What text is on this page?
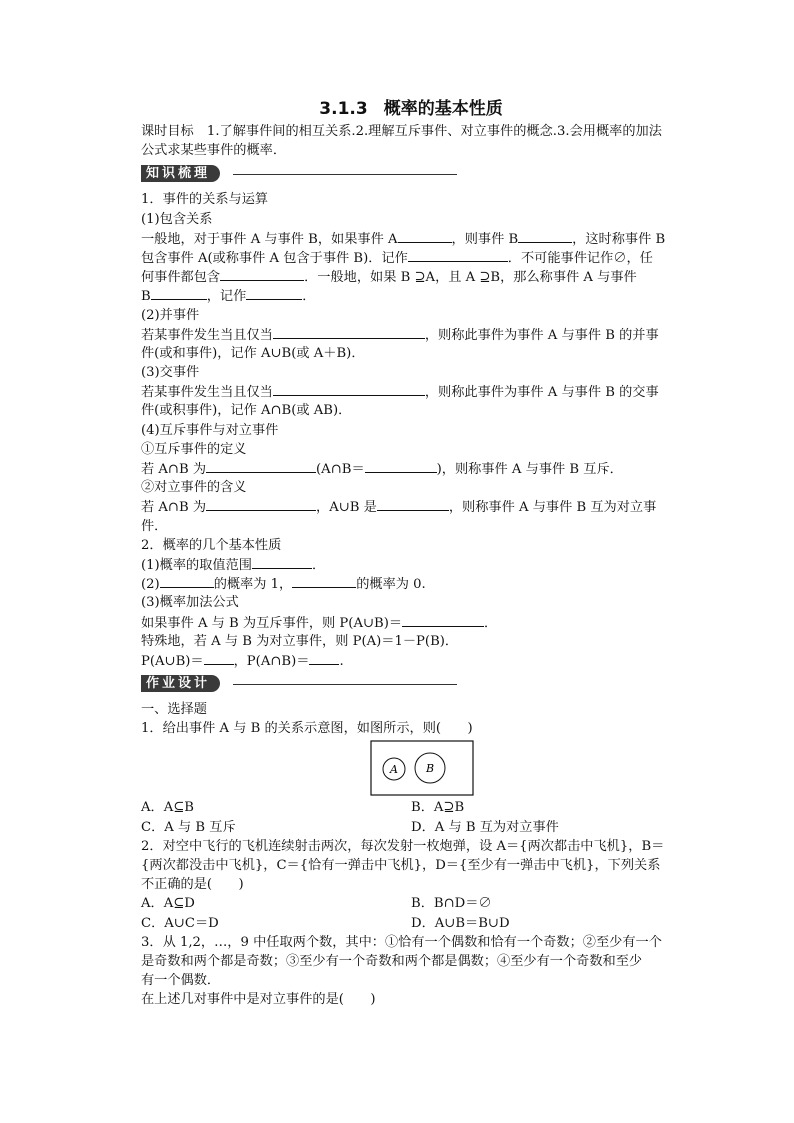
3.1.3 概率的基本性质
课时目标　1.了解事件间的相互关系.2.理解互斥事件、对立事件的概念.3.会用概率的加法
公式求某些事件的概率．
知识梳理
1．事件的关系与运算
(1)包含关系
一般地，对于事件 A 与事件 B，如果事件 A	，则事件 B	，这时称事件 B
包含事件 A(或称事件 A 包含于事件 B)．记作	．不可能事件记作∅，任
何事件都包含	．一般地，如果 B ⊇A，且 A ⊇B，那么称事件 A 与事件
B	，记作	．
(2)并事件
若某事件发生当且仅当	，则称此事件为事件 A 与事件 B 的并事
件(或和事件)，记作 A∪B(或 A＋B)．
(3)交事件
若某事件发生当且仅当	，则称此事件为事件 A 与事件 B 的交事
件(或积事件)，记作 A∩B(或 AB)．
(4)互斥事件与对立事件
①互斥事件的定义
若 A∩B 为	(A∩B＝	)，则称事件 A 与事件 B 互斥．
②对立事件的含义
若 A∩B 为	，A∪B 是	，则称事件 A 与事件 B 互为对立事
件．
2．概率的几个基本性质
(1)概率的取值范围	．
(2)	的概率为 1，	的概率为 0.
(3)概率加法公式
如果事件 A 与 B 为互斥事件，则 P(A∪B)＝	．
特殊地，若 A 与 B 为对立事件，则 P(A)＝1－P(B)．
P(A∪B)＝ ，P(A∩B)＝ .
作业设计
一、选择题
1．给出事件 A 与 B 的关系示意图，如图所示，则(　　)
A	B
A．A⊆B	B．A⊇B
C．A 与 B 互斥	D．A 与 B 互为对立事件
2．对空中飞行的飞机连续射击两次，每次发射一枚炮弹，设 A＝{两次都击中飞机}，B＝
{两次都没击中飞机}，C＝{恰有一弹击中飞机}，D＝{至少有一弹击中飞机}，下列关系
不正确的是(　　)
A．A⊆D	B．B∩D＝∅
C．A∪C＝D	D．A∪B＝B∪D
3．从 1,2，…，9 中任取两个数，其中：①恰有一个偶数和恰有一个奇数；②至少有一个
是奇数和两个都是奇数；③至少有一个奇数和两个都是偶数；④至少有一个奇数和至少
有一个偶数．
在上述几对事件中是对立事件的是(　　)
